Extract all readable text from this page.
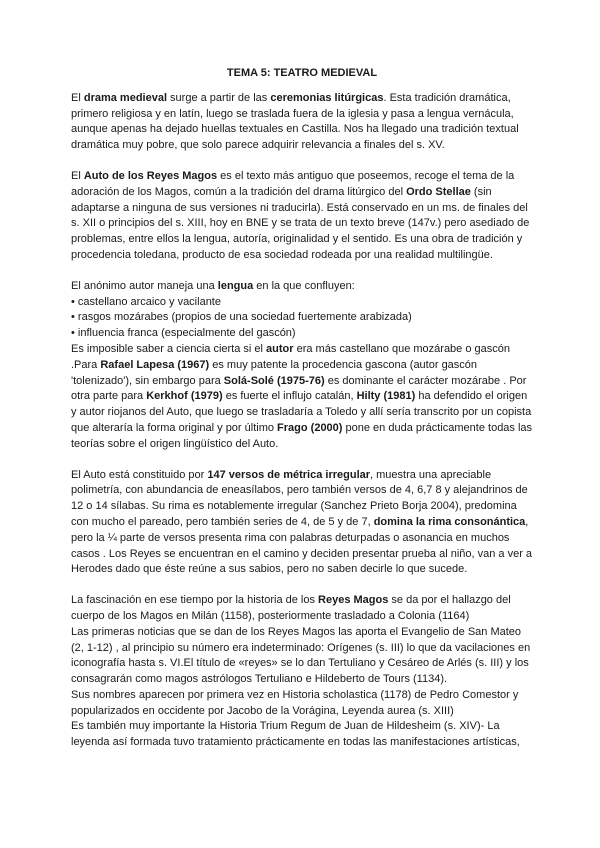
TEMA 5: TEATRO MEDIEVAL

El drama medieval surge a partir de las ceremonias litúrgicas. Esta tradición dramática, primero religiosa y en latín, luego se traslada fuera de la iglesia y pasa a lengua vernácula, aunque apenas ha dejado huellas textuales en Castilla. Nos ha llegado una tradición textual dramática muy pobre, que solo parece adquirir relevancia a finales del s. XV.

El Auto de los Reyes Magos es el texto más antiguo que poseemos, recoge el tema de la adoración de los Magos, común a la tradición del drama litúrgico del Ordo Stellae (sin adaptarse a ninguna de sus versiones ni traducirla). Está conservado en un ms. de finales del s. XII o principios del s. XIII, hoy en BNE y se trata de un texto breve (147v.) pero asediado de problemas, entre ellos la lengua, autoría, originalidad y el sentido. Es una obra de tradición y procedencia toledana, producto de esa sociedad rodeada por una realidad multilingüe.

El anónimo autor maneja una lengua en la que confluyen:

• castellano arcaico y vacilante

• rasgos mozárabes (propios de una sociedad fuertemente arabizada)

• influencia franca (especialmente del gascón)

Es imposible saber a ciencia cierta si el autor era más castellano que mozárabe o gascón .Para Rafael Lapesa (1967) es muy patente la procedencia gascona (autor gascón 'tolenizado'), sin embargo para Solá-Solé (1975-76) es dominante el carácter mozárabe . Por otra parte para Kerkhof (1979) es fuerte el influjo catalán, Hilty (1981) ha defendido el origen y autor riojanos del Auto, que luego se trasladaría a Toledo y allí sería transcrito por un copista que alteraría la forma original y por último Frago (2000) pone en duda prácticamente todas las teorías sobre el origen lingüístico del Auto.

El Auto está constituido por 147 versos de métrica irregular, muestra una apreciable polimetría, con abundancia de eneasílabos, pero también versos de 4, 6,7 8 y alejandrinos de 12 o 14 sílabas. Su rima es notablemente irregular (Sanchez Prieto Borja 2004), predomina con mucho el pareado, pero también series de 4, de 5 y de 7, domina la rima consonántica, pero la ¼ parte de versos presenta rima con palabras deturpadas o asonancia en muchos casos . Los Reyes se encuentran en el camino y deciden presentar prueba al niño, van a ver a Herodes dado que éste reúne a sus sabios, pero no saben decirle lo que sucede.

La fascinación en ese tiempo por la historia de los Reyes Magos se da por el hallazgo del cuerpo de los Magos en Milán (1158), posteriormente trasladado a Colonia (1164)

Las primeras noticias que se dan de los Reyes Magos las aporta el Evangelio de San Mateo (2, 1-12) , al principio su número era indeterminado: Orígenes (s. III) lo que da vacilaciones en iconografía hasta s. VI.El título de «reyes» se lo dan Tertuliano y Cesáreo de Arlés (s. III) y los consagrarán como magos astrólogos Tertuliano e Hildeberto de Tours (1134).

Sus nombres aparecen por primera vez en Historia scholastica (1178) de Pedro Comestor y popularizados en occidente por Jacobo de la Vorágina, Leyenda aurea (s. XIII)

Es también muy importante la Historia Trium Regum de Juan de Hildesheim (s. XIV)- La leyenda así formada tuvo tratamiento prácticamente en todas las manifestaciones artísticas,
